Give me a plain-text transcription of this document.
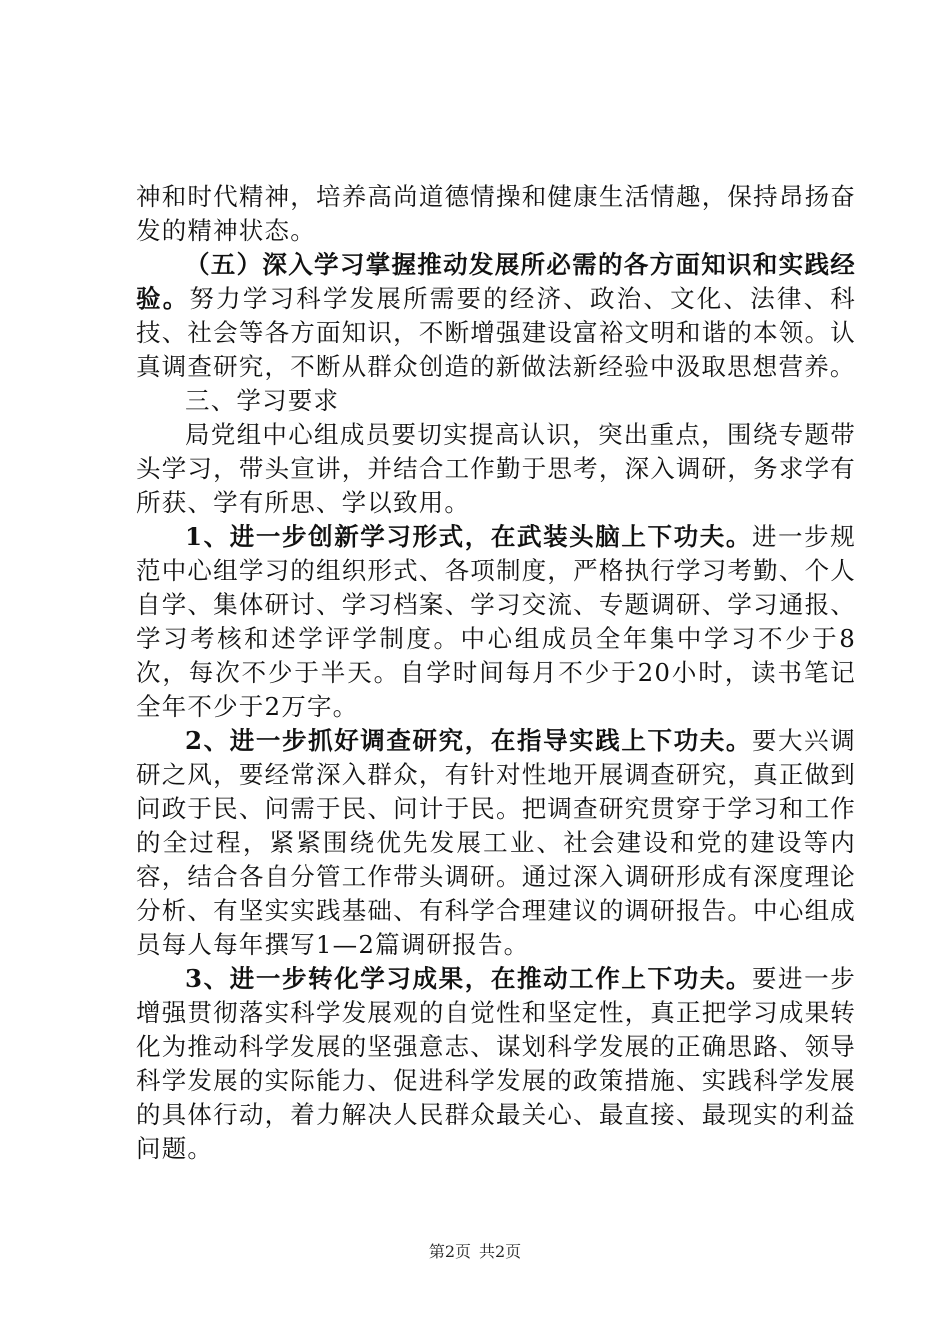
神和时代精神，培养高尚道德情操和健康生活情趣，保持昂扬奋发的精神状态。

（五）深入学习掌握推动发展所必需的各方面知识和实践经验。努力学习科学发展所需要的经济、政治、文化、法律、科技、社会等各方面知识，不断增强建设富裕文明和谐的本领。认真调查研究，不断从群众创造的新做法新经验中汲取思想营养。

三、学习要求

局党组中心组成员要切实提高认识，突出重点，围绕专题带头学习，带头宣讲，并结合工作勤于思考，深入调研，务求学有所获、学有所思、学以致用。

1、进一步创新学习形式，在武装头脑上下功夫。进一步规范中心组学习的组织形式、各项制度，严格执行学习考勤、个人自学、集体研讨、学习档案、学习交流、专题调研、学习通报、学习考核和述学评学制度。中心组成员全年集中学习不少于8次，每次不少于半天。自学时间每月不少于20小时，读书笔记全年不少于2万字。

2、进一步抓好调查研究，在指导实践上下功夫。要大兴调研之风，要经常深入群众，有针对性地开展调查研究，真正做到问政于民、问需于民、问计于民。把调查研究贯穿于学习和工作的全过程，紧紧围绕优先发展工业、社会建设和党的建设等内容，结合各自分管工作带头调研。通过深入调研形成有深度理论分析、有坚实实践基础、有科学合理建议的调研报告。中心组成员每人每年撰写1—2篇调研报告。

3、进一步转化学习成果，在推动工作上下功夫。要进一步增强贯彻落实科学发展观的自觉性和坚定性，真正把学习成果转化为推动科学发展的坚强意志、谋划科学发展的正确思路、领导科学发展的实际能力、促进科学发展的政策措施、实践科学发展的具体行动，着力解决人民群众最关心、最直接、最现实的利益问题。

第2页 共2页
